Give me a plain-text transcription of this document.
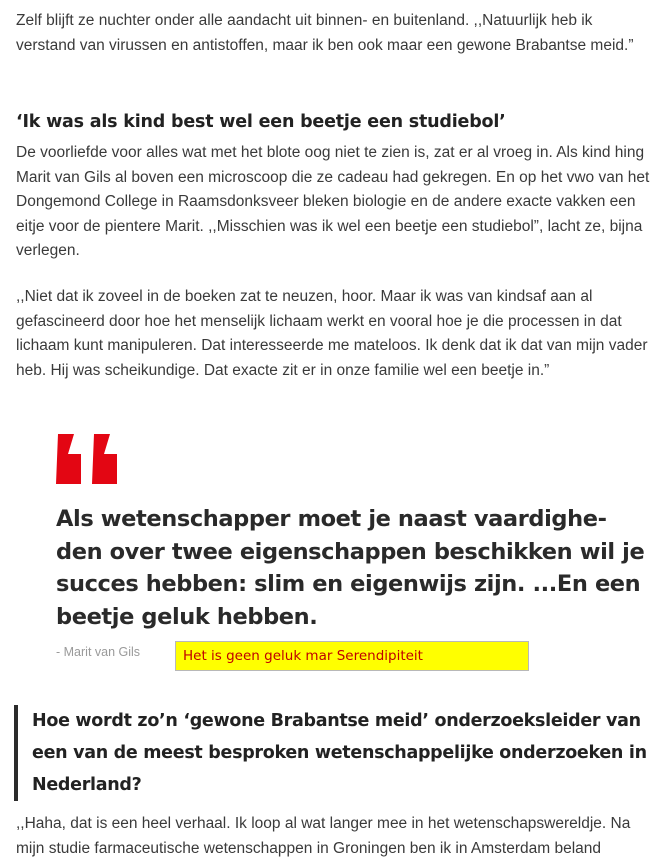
Zelf blijft ze nuchter onder alle aandacht uit binnen- en buitenland. ,,Natuurlijk heb ik verstand van virussen en antistoffen, maar ik ben ook maar een gewone Brabantse meid.”

‘Ik was als kind best wel een beetje een studiebol’

De voorliefde voor alles wat met het blote oog niet te zien is, zat er al vroeg in. Als kind hing Marit van Gils al boven een microscoop die ze cadeau had gekregen. En op het vwo van het Dongemond College in Raamsdonksveer bleken biologie en de andere exacte vakken een eitje voor de pientere Marit. ,,Misschien was ik wel een beetje een studiebol”, lacht ze, bijna verlegen.

,,Niet dat ik zoveel in de boeken zat te neuzen, hoor. Maar ik was van kindsaf aan al gefascineerd door hoe het menselijk lichaam werkt en vooral hoe je die processen in dat lichaam kunt manipuleren. Dat interesseerde me mateloos. Ik denk dat ik dat van mijn vader heb. Hij was scheikundige. Dat exacte zit er in onze familie wel een beetje in.”

Als wetenschapper moet je naast vaardighe- den over twee eigenschappen beschikken wil je succes hebben: slim en eigenwijs zijn. ...En een beetje geluk hebben.

- Marit van Gils	Het is geen geluk mar Serendipiteit
Hoe wordt zo’n ‘gewone Brabantse meid’ onderzoeksleider van een van de meest besproken wetenschappelijke onderzoeken in Nederland?

,,Haha, dat is een heel verhaal. Ik loop al wat langer mee in het wetenschapswereldje. Na mijn studie farmaceutische wetenschappen in Groningen ben ik in Amsterdam beland
